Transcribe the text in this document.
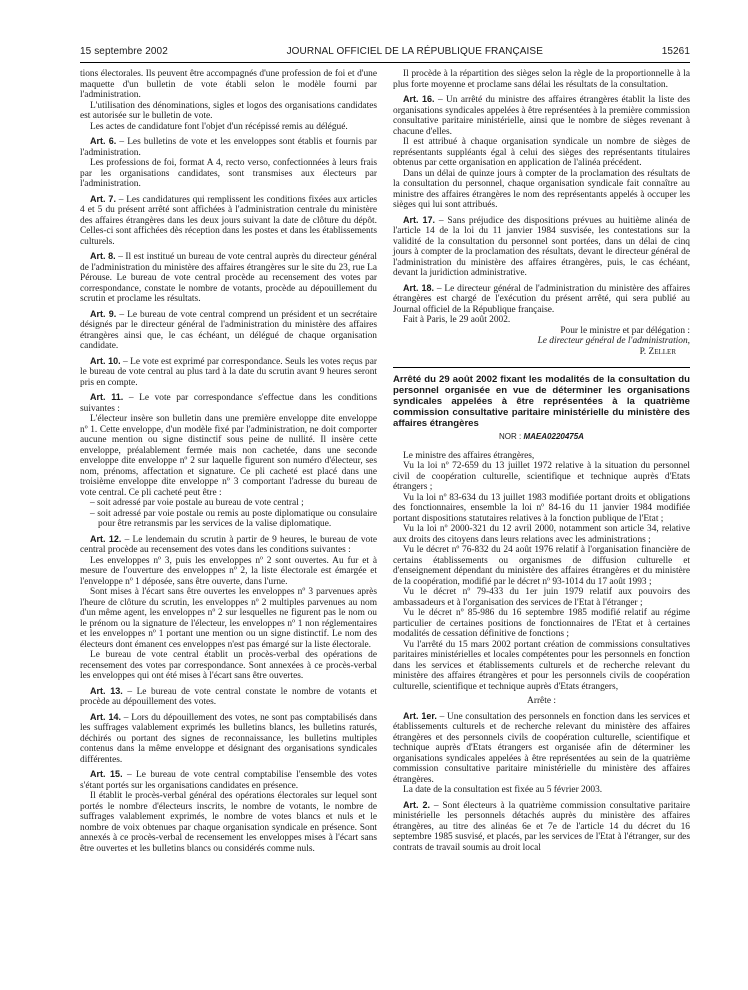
15 septembre 2002	JOURNAL OFFICIEL DE LA RÉPUBLIQUE FRANÇAISE	15261

tions électorales. Ils peuvent être accompagnés d'une profession de foi et d'une maquette d'un bulletin de vote établi selon le modèle fourni par l'administration.

L'utilisation des dénominations, sigles et logos des organisations candidates est autorisée sur le bulletin de vote.

Les actes de candidature font l'objet d'un récépissé remis au délégué.

Art. 6. – Les bulletins de vote et les enveloppes sont établis et fournis par l'administration.

Les professions de foi, format A 4, recto verso, confectionnées à leurs frais par les organisations candidates, sont transmises aux électeurs par l'administration.

Art. 7. – Les candidatures qui remplissent les conditions fixées aux articles 4 et 5 du présent arrêté sont affichées à l'administration centrale du ministère des affaires étrangères dans les deux jours suivant la date de clôture du dépôt. Celles-ci sont affichées dès réception dans les postes et dans les établissements culturels.

Art. 8. – Il est institué un bureau de vote central auprès du directeur général de l'administration du ministère des affaires étrangères sur le site du 23, rue La Pérouse. Le bureau de vote central procède au recensement des votes par correspondance, constate le nombre de votants, procède au dépouillement du scrutin et proclame les résultats.

Art. 9. – Le bureau de vote central comprend un président et un secrétaire désignés par le directeur général de l'administration du ministère des affaires étrangères ainsi que, le cas échéant, un délégué de chaque organisation candidate.

Art. 10. – Le vote est exprimé par correspondance. Seuls les votes reçus par le bureau de vote central au plus tard à la date du scrutin avant 9 heures seront pris en compte.

Art. 11. – Le vote par correspondance s'effectue dans les conditions suivantes :

L'électeur insère son bulletin dans une première enveloppe dite enveloppe nº 1. Cette enveloppe, d'un modèle fixé par l'administration, ne doit comporter aucune mention ou signe distinctif sous peine de nullité. Il insère cette enveloppe, préalablement fermée mais non cachetée, dans une seconde enveloppe dite enveloppe nº 2 sur laquelle figurent son numéro d'électeur, ses nom, prénoms, affectation et signature. Ce pli cacheté est placé dans une troisième enveloppe dite enveloppe nº 3 comportant l'adresse du bureau de vote central. Ce pli cacheté peut être :

– soit adressé par voie postale au bureau de vote central ;

– soit adressé par voie postale ou remis au poste diplomatique ou consulaire pour être retransmis par les services de la valise diplomatique.

Art. 12. – Le lendemain du scrutin à partir de 9 heures, le bureau de vote central procède au recensement des votes dans les conditions suivantes :

Les enveloppes nº 3, puis les enveloppes nº 2 sont ouvertes. Au fur et à mesure de l'ouverture des enveloppes nº 2, la liste électorale est émargée et l'enveloppe nº 1 déposée, sans être ouverte, dans l'urne.

Sont mises à l'écart sans être ouvertes les enveloppes nº 3 parvenues après l'heure de clôture du scrutin, les enveloppes nº 2 multiples parvenues au nom d'un même agent, les enveloppes nº 2 sur lesquelles ne figurent pas le nom ou le prénom ou la signature de l'électeur, les enveloppes nº 1 non réglementaires et les enveloppes nº 1 portant une mention ou un signe distinctif. Le nom des électeurs dont émanent ces enveloppes n'est pas émargé sur la liste électorale.

Le bureau de vote central établit un procès-verbal des opérations de recensement des votes par correspondance. Sont annexées à ce procès-verbal les enveloppes qui ont été mises à l'écart sans être ouvertes.

Art. 13. – Le bureau de vote central constate le nombre de votants et procède au dépouillement des votes.

Art. 14. – Lors du dépouillement des votes, ne sont pas comptabilisés dans les suffrages valablement exprimés les bulletins blancs, les bulletins raturés, déchirés ou portant des signes de reconnaissance, les bulletins multiples contenus dans la même enveloppe et désignant des organisations syndicales différentes.

Art. 15. – Le bureau de vote central comptabilise l'ensemble des votes s'étant portés sur les organisations candidates en présence.

Il établit le procès-verbal général des opérations électorales sur lequel sont portés le nombre d'électeurs inscrits, le nombre de votants, le nombre de suffrages valablement exprimés, le nombre de votes blancs et nuls et le nombre de voix obtenues par chaque organisation syndicale en présence. Sont annexés à ce procès-verbal de recensement les enveloppes mises à l'écart sans être ouvertes et les bulletins blancs ou considérés comme nuls.

Il procède à la répartition des sièges selon la règle de la proportionnelle à la plus forte moyenne et proclame sans délai les résultats de la consultation.

Art. 16. – Un arrêté du ministre des affaires étrangères établit la liste des organisations syndicales appelées à être représentées à la première commission consultative paritaire ministérielle, ainsi que le nombre de sièges revenant à chacune d'elles.

Il est attribué à chaque organisation syndicale un nombre de sièges de représentants suppléants égal à celui des sièges des représentants titulaires obtenus par cette organisation en application de l'alinéa précédent.

Dans un délai de quinze jours à compter de la proclamation des résultats de la consultation du personnel, chaque organisation syndicale fait connaître au ministre des affaires étrangères le nom des représentants appelés à occuper les sièges qui lui sont attribués.

Art. 17. – Sans préjudice des dispositions prévues au huitième alinéa de l'article 14 de la loi du 11 janvier 1984 susvisée, les contestations sur la validité de la consultation du personnel sont portées, dans un délai de cinq jours à compter de la proclamation des résultats, devant le directeur général de l'administration du ministère des affaires étrangères, puis, le cas échéant, devant la juridiction administrative.

Art. 18. – Le directeur général de l'administration du ministère des affaires étrangères est chargé de l'exécution du présent arrêté, qui sera publié au Journal officiel de la République française.

Fait à Paris, le 29 août 2002.

Pour le ministre et par délégation :

Le directeur général de l'administration,

P. Zeller

Arrêté du 29 août 2002 fixant les modalités de la consultation du personnel organisée en vue de déterminer les organisations syndicales appelées à être représentées à la quatrième commission consultative paritaire ministérielle du ministère des affaires étrangères
NOR : MAEA0220475A

Le ministre des affaires étrangères,

Vu la loi nº 72-659 du 13 juillet 1972 relative à la situation du personnel civil de coopération culturelle, scientifique et technique auprès d'Etats étrangers ;

Vu la loi nº 83-634 du 13 juillet 1983 modifiée portant droits et obligations des fonctionnaires, ensemble la loi nº 84-16 du 11 janvier 1984 modifiée portant dispositions statutaires relatives à la fonction publique de l'Etat ;

Vu la loi nº 2000-321 du 12 avril 2000, notamment son article 34, relative aux droits des citoyens dans leurs relations avec les administrations ;

Vu le décret nº 76-832 du 24 août 1976 relatif à l'organisation financière de certains établissements ou organismes de diffusion culturelle et d'enseignement dépendant du ministère des affaires étrangères et du ministère de la coopération, modifié par le décret nº 93-1014 du 17 août 1993 ;

Vu le décret nº 79-433 du 1er juin 1979 relatif aux pouvoirs des ambassadeurs et à l'organisation des services de l'Etat à l'étranger ;

Vu le décret nº 85-986 du 16 septembre 1985 modifié relatif au régime particulier de certaines positions de fonctionnaires de l'Etat et à certaines modalités de cessation définitive de fonctions ;

Vu l'arrêté du 15 mars 2002 portant création de commissions consultatives paritaires ministérielles et locales compétentes pour les personnels en fonction dans les services et établissements culturels et de recherche relevant du ministère des affaires étrangères et pour les personnels civils de coopération culturelle, scientifique et technique auprès d'Etats étrangers,

Arrête :

Art. 1er. – Une consultation des personnels en fonction dans les services et établissements culturels et de recherche relevant du ministère des affaires étrangères et des personnels civils de coopération culturelle, scientifique et technique auprès d'Etats étrangers est organisée afin de déterminer les organisations syndicales appelées à être représentées au sein de la quatrième commission consultative paritaire ministérielle du ministère des affaires étrangères.

La date de la consultation est fixée au 5 février 2003.

Art. 2. – Sont électeurs à la quatrième commission consultative paritaire ministérielle les personnels détachés auprès du ministère des affaires étrangères, au titre des alinéas 6e et 7e de l'article 14 du décret du 16 septembre 1985 susvisé, et placés, par les services de l'Etat à l'étranger, sur des contrats de travail soumis au droit local
